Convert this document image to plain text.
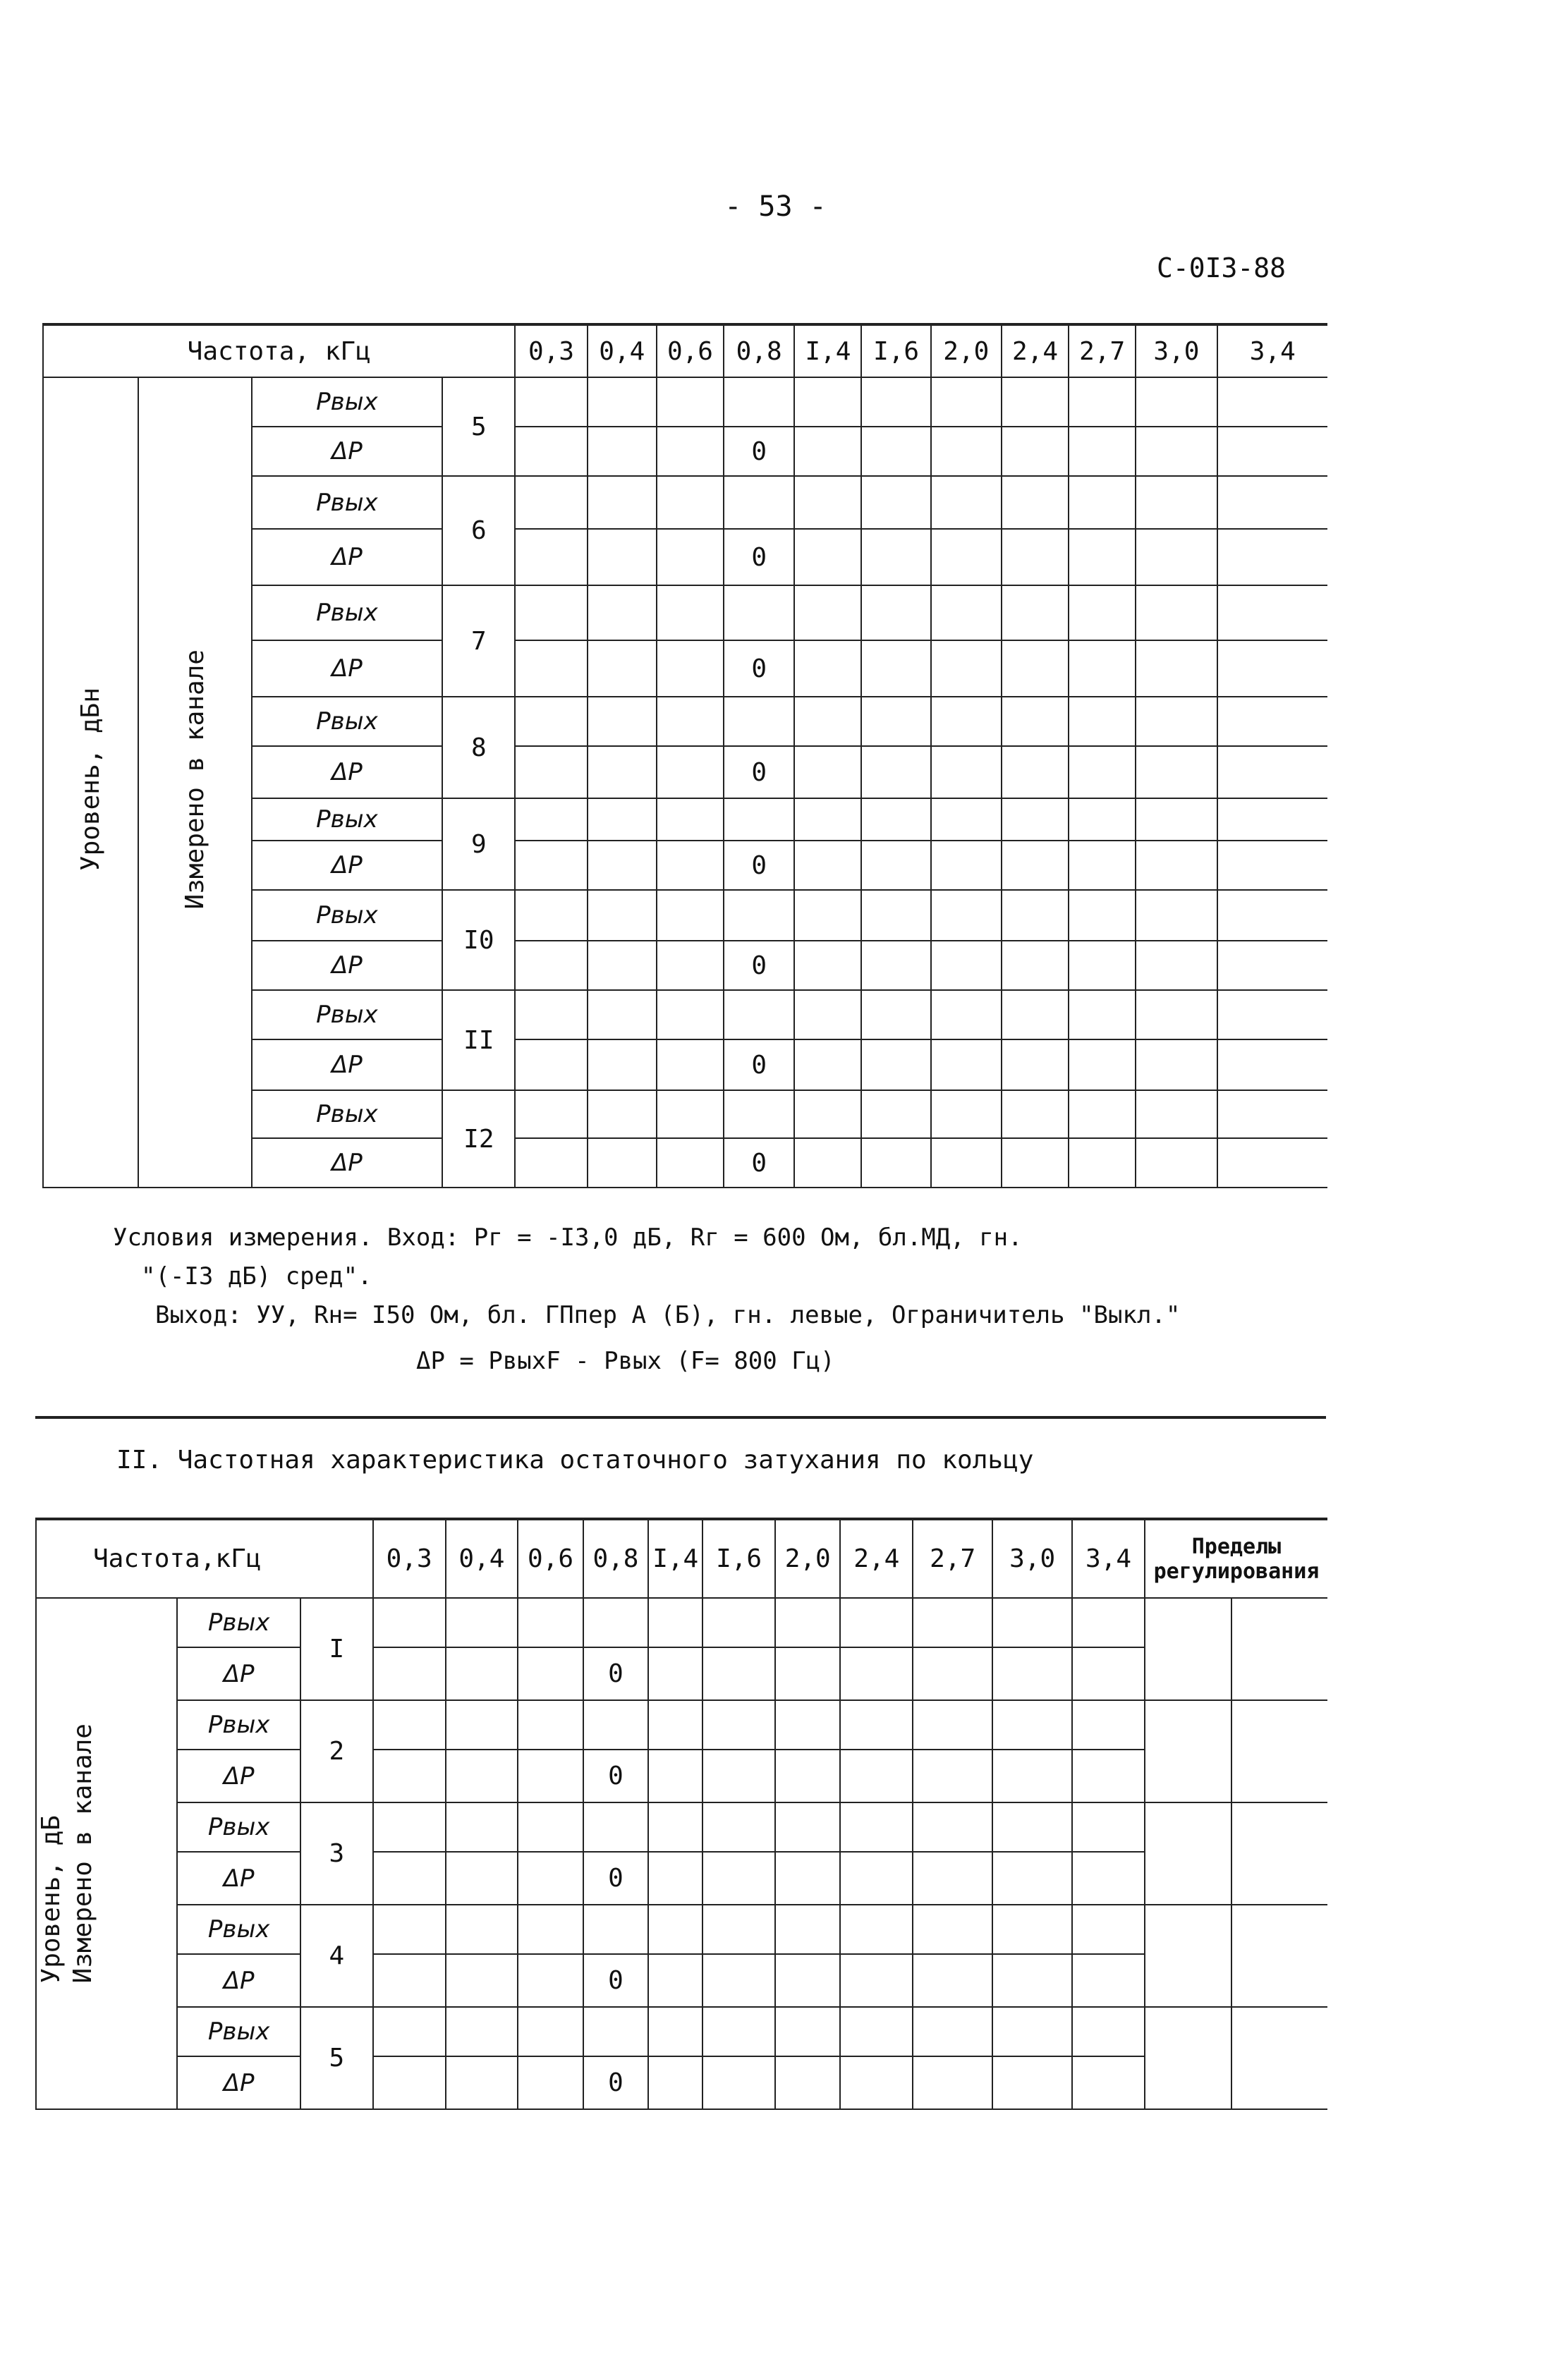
- 53 -
С-0I3-88
Частота, кГц				0,3	0,4	0,6	0,8	I,4	I,6	2,0	2,4	2,7	3,0	3,4
Уровень, дБн	Измерено в канале	Pвых	5											
		ΔP					0							
		Pвых	6											
		ΔP					0							
		Pвых	7											
		ΔP					0							
		Pвых	8											
		ΔP					0							
		Pвых	9											
		ΔP					0							
		Pвых	I0											
		ΔP					0							
		Pвых	II											
		ΔP					0							
		Pвых	I2											
		ΔP					0							
Условия измерения. Вход: Pг = -I3,0 дБ, Rг = 600 Ом, бл.МД, гн.
"(-I3 дБ) сред".
Выход: УУ, Rн= I50 Ом, бл. ГПпер А (Б), гн. левые, Ограничитель "Выкл."
ΔP = PвыхF - Pвых (F= 800 Гц)
II. Частотная характеристика остаточного затухания по кольцу
Частота,кГц			0,3	0,4	0,6	0,8	I,4	I,6	2,0	2,4	2,7	3,0	3,4	Пределы регулирования	

Уровень, дБ Измерено в канале	Pвых	I													
	ΔP					0									
	Pвых	2													
	ΔP					0									
	Pвых	3													
	ΔP					0									
	Pвых	4													
	ΔP					0									
	Pвых	5													
	ΔP					0									
